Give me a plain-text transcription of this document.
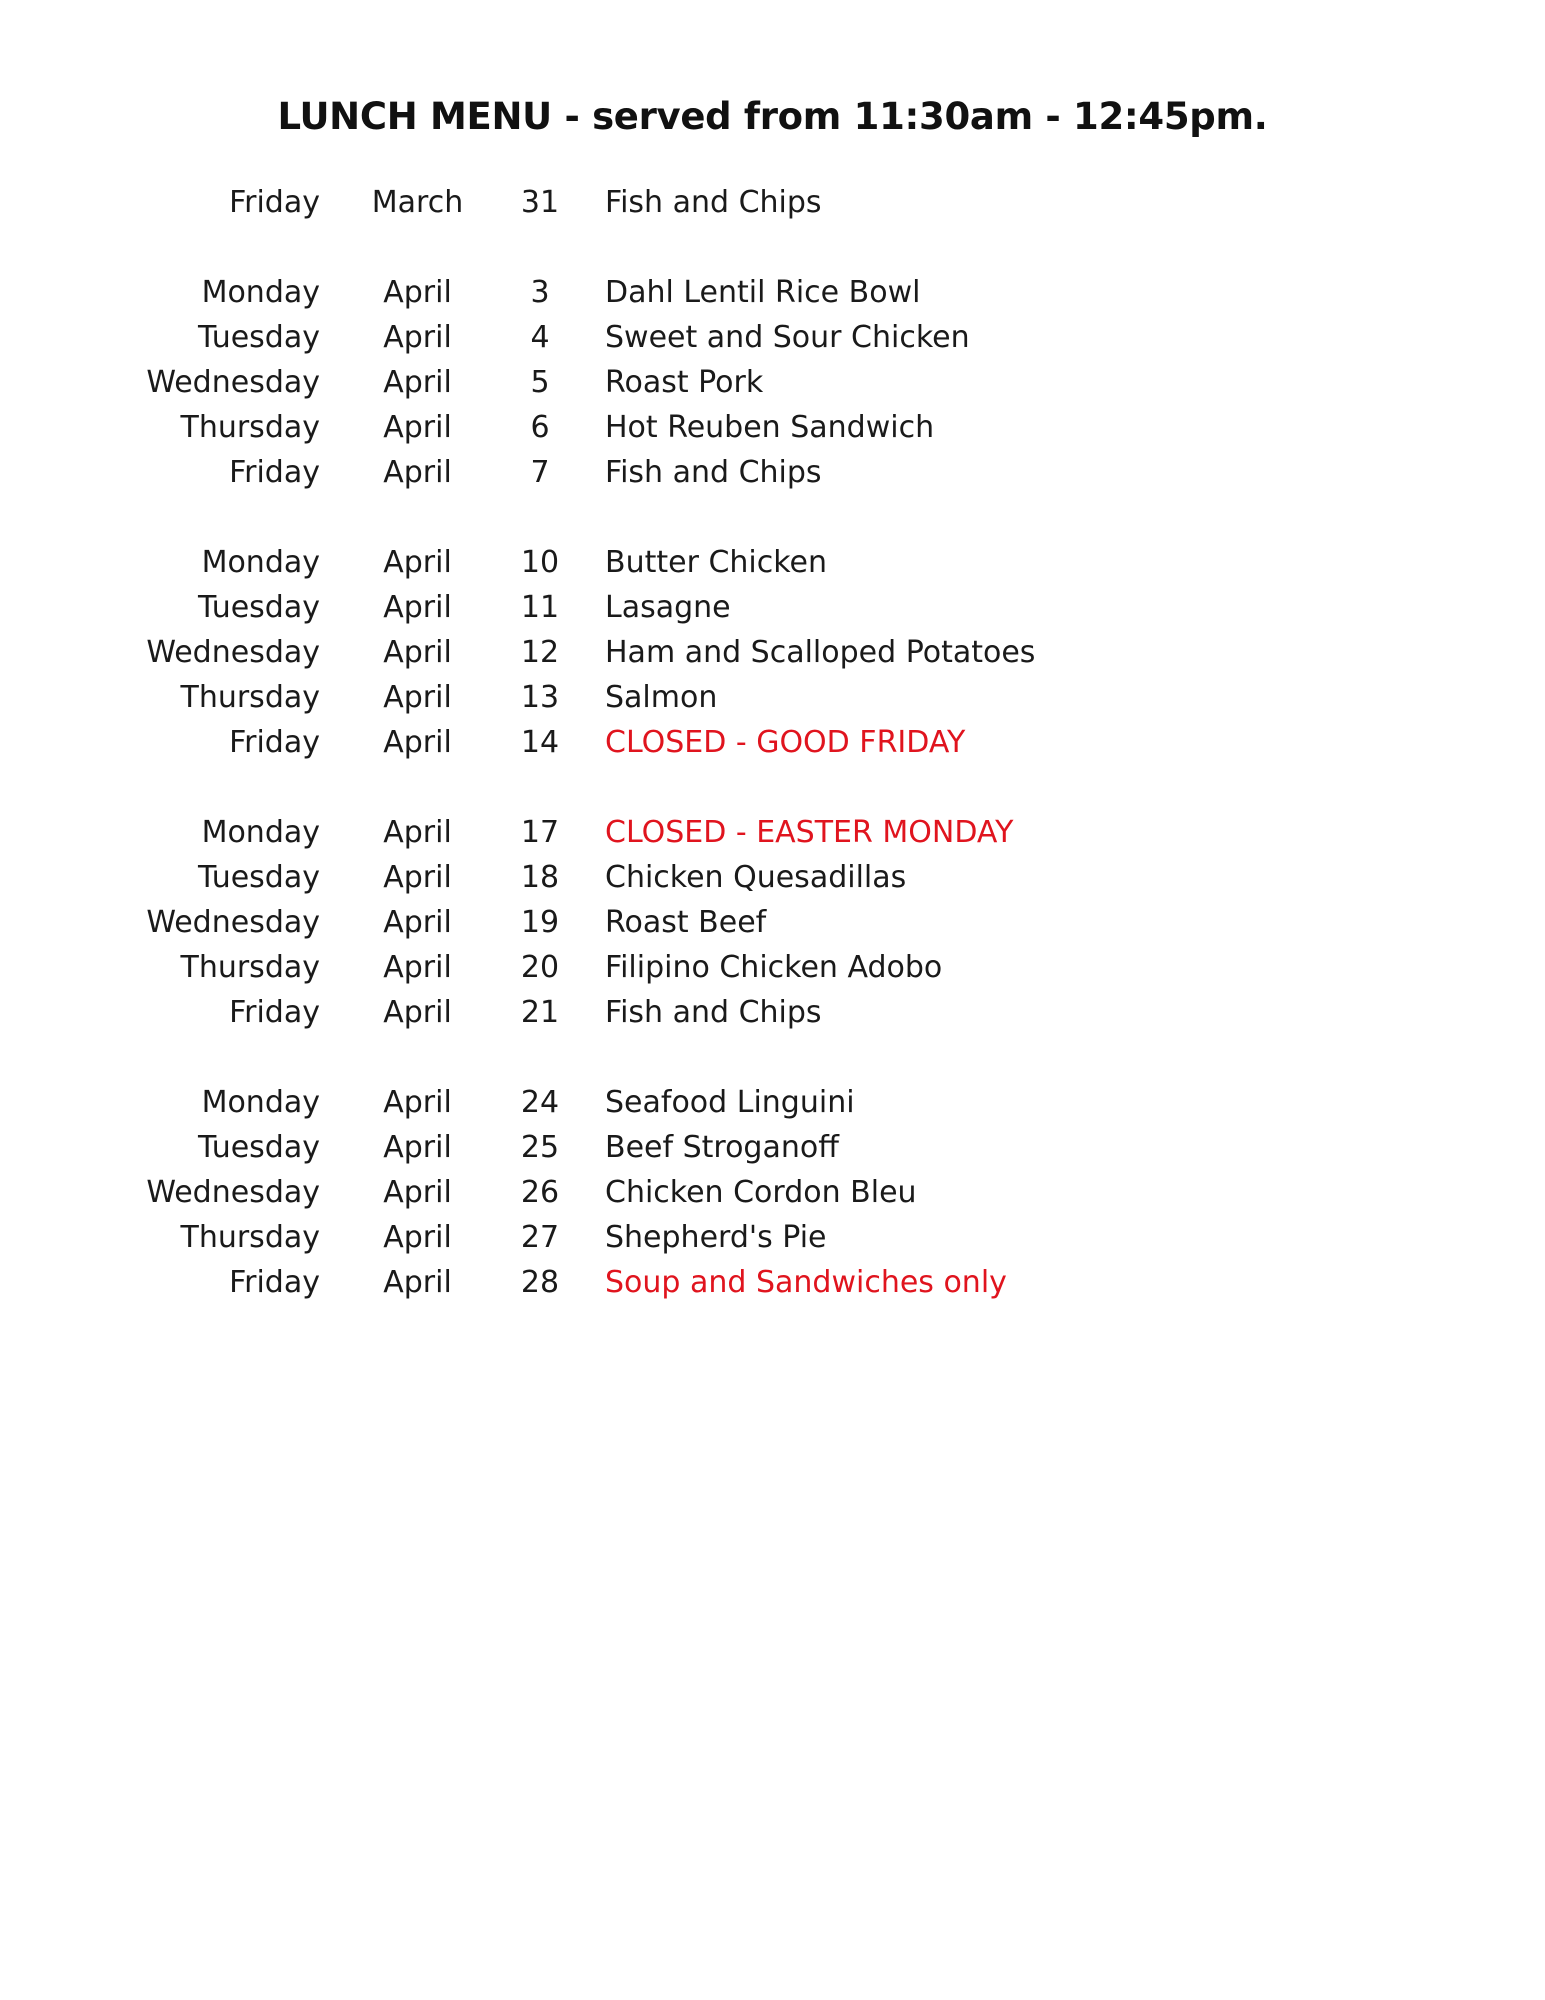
LUNCH MENU - served from 11:30am - 12:45pm.
Friday	March	31	Fish and Chips
Monday	April	3	Dahl Lentil Rice Bowl
Tuesday	April	4	Sweet and Sour Chicken
Wednesday	April	5	Roast Pork
Thursday	April	6	Hot Reuben Sandwich
Friday	April	7	Fish and Chips
Monday	April	10	Butter Chicken
Tuesday	April	11	Lasagne
Wednesday	April	12	Ham and Scalloped Potatoes
Thursday	April	13	Salmon
Friday	April	14	CLOSED - GOOD FRIDAY
Monday	April	17	CLOSED - EASTER MONDAY
Tuesday	April	18	Chicken Quesadillas
Wednesday	April	19	Roast Beef
Thursday	April	20	Filipino Chicken Adobo
Friday	April	21	Fish and Chips
Monday	April	24	Seafood Linguini
Tuesday	April	25	Beef Stroganoff
Wednesday	April	26	Chicken Cordon Bleu
Thursday	April	27	Shepherd's Pie
Friday	April	28	Soup and Sandwiches only
